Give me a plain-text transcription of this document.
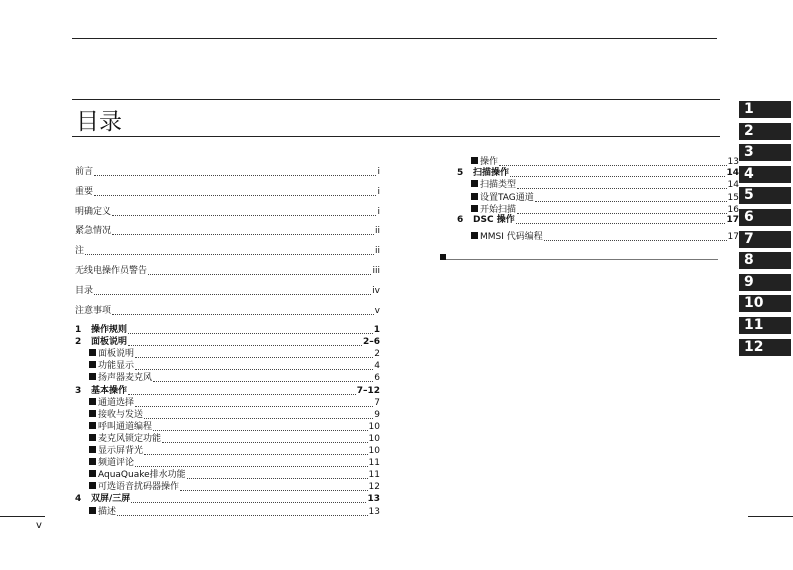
目录
v
前言	i
重要	i
明确定义	i
紧急情况	ii
注	ii
无线电操作员警告	iii
目录	iv
注意事项	v
1	操作规则	1
2	面板说明	2–6
面板说明	2
功能显示	4
扬声器麦克风	6
3	基本操作	7–12
通道选择	7
接收与发送	9
呼叫通道编程	10
麦克风锁定功能	10
显示屏背光	10
频道评论	11
AquaQuake排水功能	11
可选语音扰码器操作	12
4	双屏/三屏	13
描述	13
操作	13
5	扫描操作	14
扫描类型	14
设置TAG通道	15
开始扫描	16
6	DSC 操作	17
MMSI 代码编程	17
1
2
3
4
5
6
7
8
9
10
11
12
